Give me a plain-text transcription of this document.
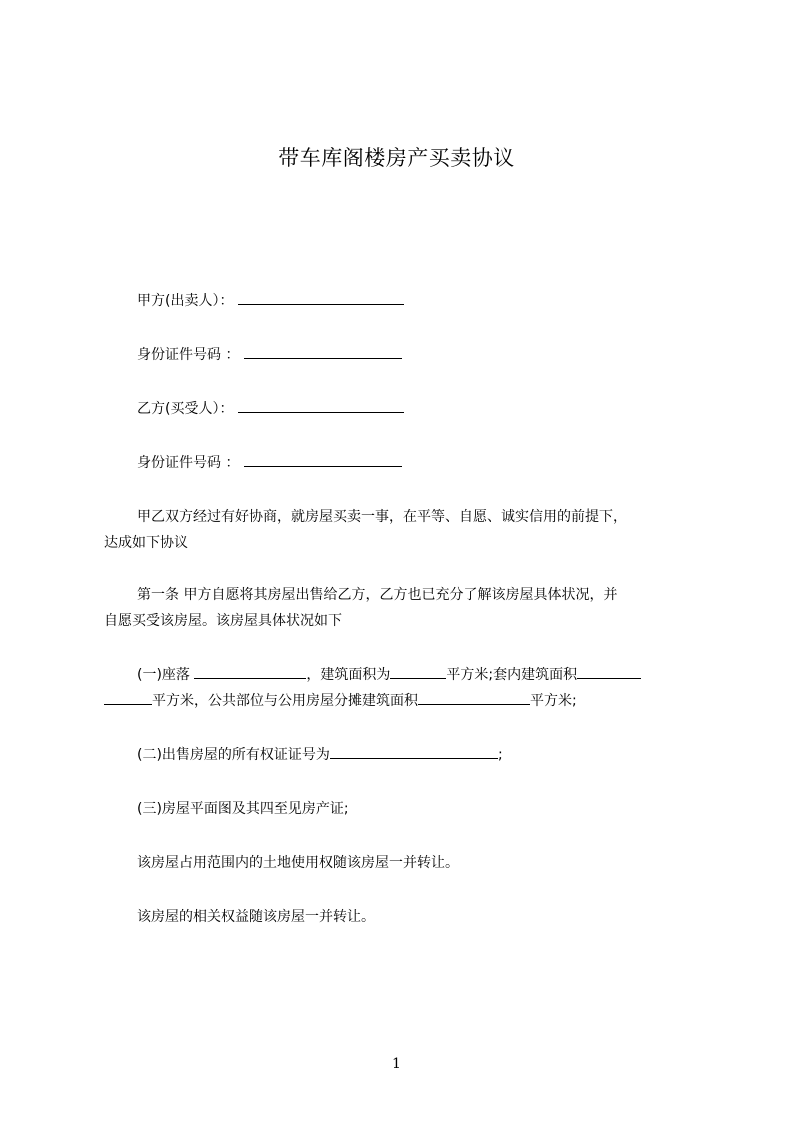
带车库阁楼房产买卖协议
甲方(出卖人）：
身份证件号码 ：
乙方(买受人）：
身份证件号码 ：
甲乙双方经过有好协商，就房屋买卖一事，在平等、自愿、诚实信用的前提下，
达成如下协议
第一条 甲方自愿将其房屋出售给乙方，乙方也已充分了解该房屋具体状况，并
自愿买受该房屋。该房屋具体状况如下
(一)座落	，建筑面积为	平方米;套内建筑面积
平方米，公共部位与公用房屋分摊建筑面积	平方米;
(二)出售房屋的所有权证证号为	;
(三)房屋平面图及其四至见房产证;
该房屋占用范围内的土地使用权随该房屋一并转让。
该房屋的相关权益随该房屋一并转让。
1
